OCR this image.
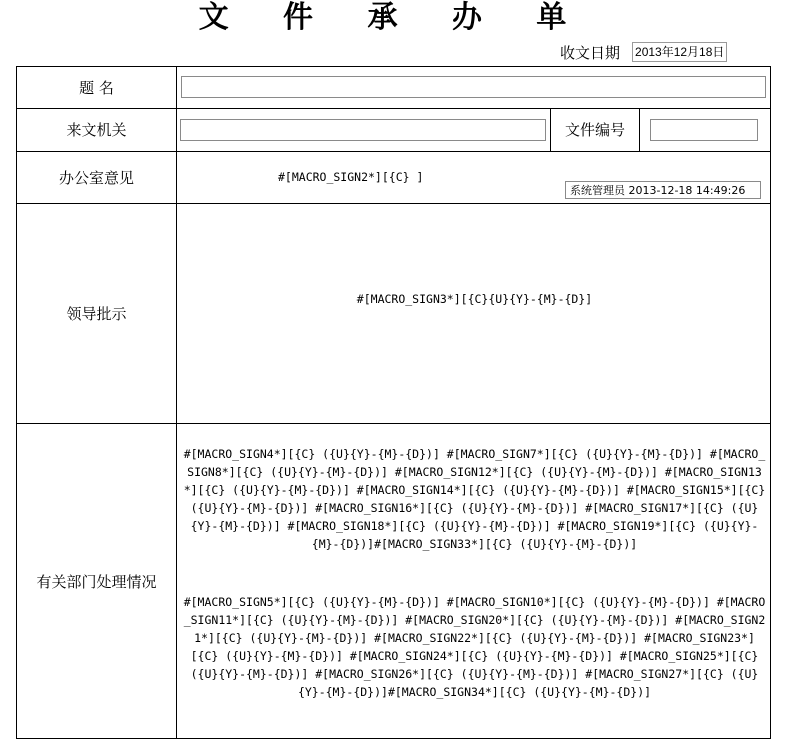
文 件 承 办 单
收文日期 2013年12月18日
题 名
来文机关	文件编号
办公室意见	#[MACRO_SIGN2*][{C} ]
系统管理员 2013-12-18 14:49:26
领导批示
#[MACRO_SIGN3*][{C}{U}{Y}-{M}-{D}]
有关部门处理情况
#[MACRO_SIGN4*][{C} ({U}{Y}-{M}-{D})] #[MACRO_SIGN7*][{C} ({U}{Y}-{M}-{D})] #[MACRO_SIGN8*][{C} ({U}{Y}-{M}-{D})] #[MACRO_SIGN12*][{C} ({U}{Y}-{M}-{D})] #[MACRO_SIGN13*][{C} ({U}{Y}-{M}-{D})] #[MACRO_SIGN14*][{C} ({U}{Y}-{M}-{D})] #[MACRO_SIGN15*][{C} ({U}{Y}-{M}-{D})] #[MACRO_SIGN16*][{C} ({U}{Y}-{M}-{D})] #[MACRO_SIGN17*][{C} ({U}{Y}-{M}-{D})] #[MACRO_SIGN18*][{C} ({U}{Y}-{M}-{D})] #[MACRO_SIGN19*][{C} ({U}{Y}-{M}-{D})]#[MACRO_SIGN33*][{C} ({U}{Y}-{M}-{D})]
#[MACRO_SIGN5*][{C} ({U}{Y}-{M}-{D})] #[MACRO_SIGN10*][{C} ({U}{Y}-{M}-{D})] #[MACRO_SIGN11*][{C} ({U}{Y}-{M}-{D})] #[MACRO_SIGN20*][{C} ({U}{Y}-{M}-{D})] #[MACRO_SIGN21*][{C} ({U}{Y}-{M}-{D})] #[MACRO_SIGN22*][{C} ({U}{Y}-{M}-{D})] #[MACRO_SIGN23*][{C} ({U}{Y}-{M}-{D})] #[MACRO_SIGN24*][{C} ({U}{Y}-{M}-{D})] #[MACRO_SIGN25*][{C} ({U}{Y}-{M}-{D})] #[MACRO_SIGN26*][{C} ({U}{Y}-{M}-{D})] #[MACRO_SIGN27*][{C} ({U}{Y}-{M}-{D})]#[MACRO_SIGN34*][{C} ({U}{Y}-{M}-{D})]
